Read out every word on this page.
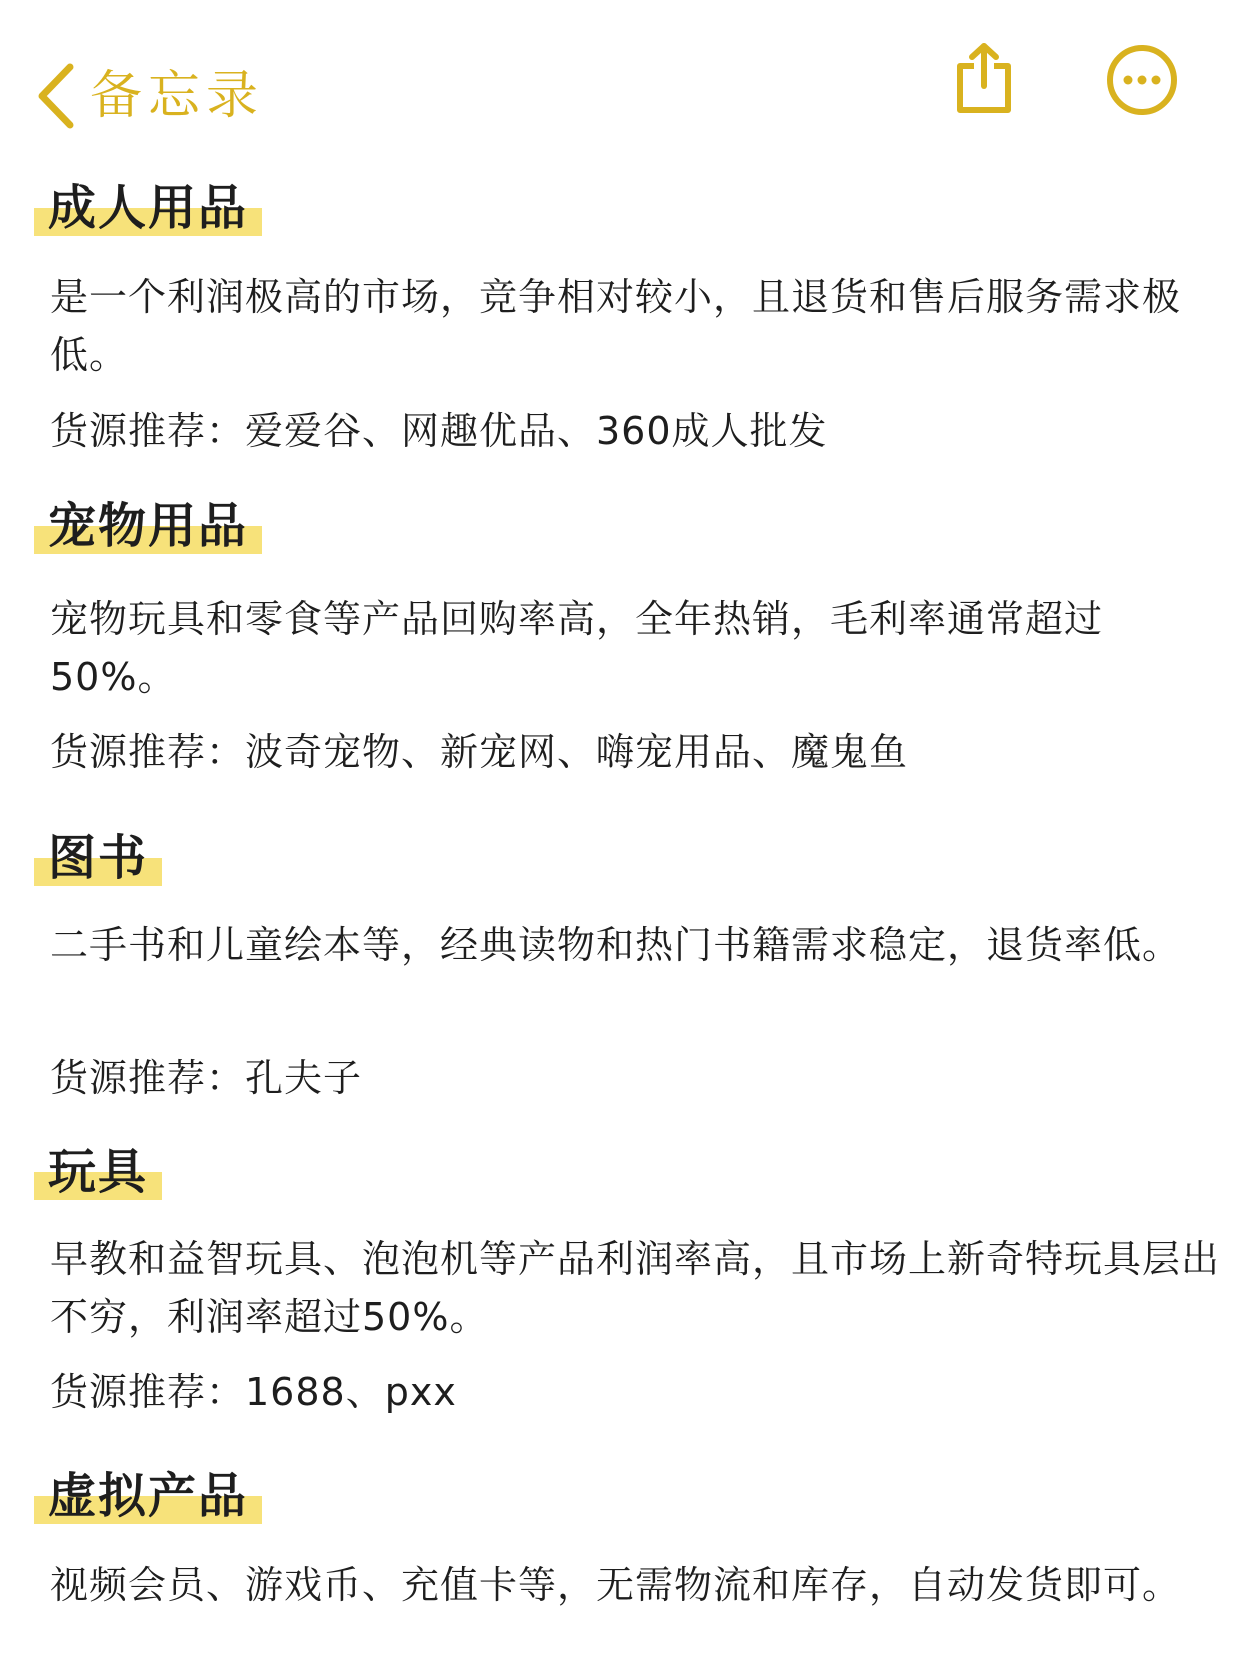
备忘录
成人用品
是一个利润极高的市场，竞争相对较小，且退货和售后服务需求极低。
货源推荐：爱爱谷、网趣优品、360成人批发
宠物用品
宠物玩具和零食等产品回购率高，全年热销，毛利率通常超过50%。
货源推荐：波奇宠物、新宠网、嗨宠用品、魔鬼鱼
图书
二手书和儿童绘本等，经典读物和热门书籍需求稳定，退货率低。
货源推荐：孔夫子
玩具
早教和益智玩具、泡泡机等产品利润率高，且市场上新奇特玩具层出不穷，利润率超过50%。
货源推荐：1688、pxx
虚拟产品
视频会员、游戏币、充值卡等，无需物流和库存，自动发货即可。
